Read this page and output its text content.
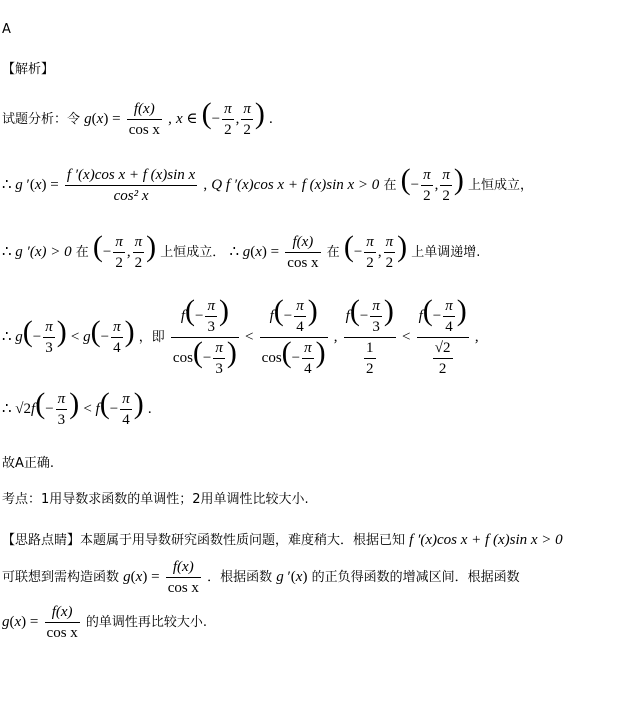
A
【解析】
试题分析：令 $g(x) = \frac{f(x)}{\text{cos x}}$ , x ∈ (− $\frac{\pi}{2}$ , $\frac{\pi}{2}$ ) .
∴ g $'(x) = \frac{\text{f ′(x)cos x + f (x)sin x}}{\text{cos² x}}$ , Q f ′(x)cos x + f (x)sin x > 0 在 (− $\frac{\pi}{2}$ , $\frac{\pi}{2}$ ) 上恒成立，
∴ g ′(x) > 0 在 (− $\frac{\pi}{2}$ , $\frac{\pi}{2}$ ) 上恒成立． ∴ $g(x) = \frac{f(x)}{\text{cos x}}$ 在 (− $\frac{\pi}{2}$ , $\frac{\pi}{2}$ ) 上单调递增.
∴ $g(- \frac{\pi}{3}$ ) < $g(- \frac{\pi}{4}$ ) ，即 $\frac{f(- \frac{\pi}{3} )}{\cos(- \frac{\pi}{3} )} < \frac{f(- \frac{\pi}{4} )}{\cos(- \frac{\pi}{4} )}$ , $\frac{f(- \frac{\pi}{3} )}{\frac{1}{2}} < \frac{f(- \frac{\pi}{4} )}{\frac{√2}{2}}$ ,
∴ $√2f(- \frac{\pi}{3}$ ) < $f(- \frac{\pi}{4}$ ) .
故A正确.
考点：1用导数求函数的单调性；2用单调性比较大小.
【思路点睛】本题属于用导数研究函数性质问题，难度稍大．根据已知 f ′(x)cos x + f (x)sin x > 0
可联想到需构造函数 $g(x) = \frac{f(x)}{\text{cos x}}$ ．根据函数 g ′(x) 的正负得函数的增减区间．根据函数
$g(x) = \frac{f(x)}{\text{cos x}}$ 的单调性再比较大小.
